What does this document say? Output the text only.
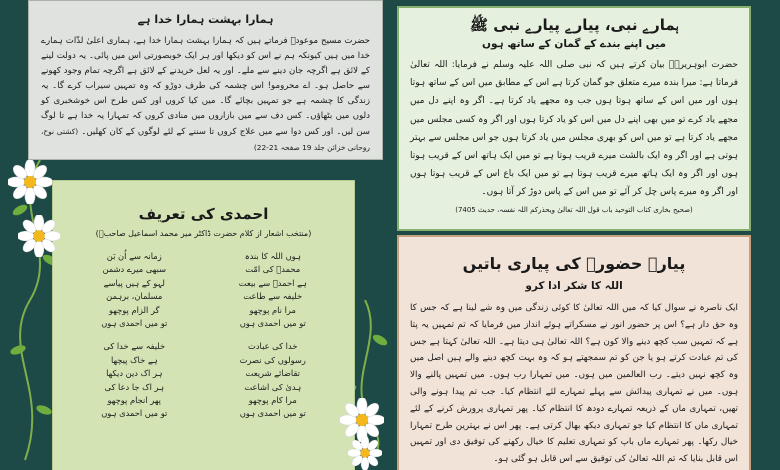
ہمارا بہشت ہمارا خدا ہے

حضرت مسیح موعودؑ فرماتے ہیں کہ ہمارا بہشت ہمارا خدا ہے، ہماری اعلیٰ لذّات ہمارے خدا میں ہیں کیونکہ ہم نے اس کو دیکھا اور ہر ایک خوبصورتی اس میں پائی۔ یہ دولت لینے کے لائق ہے اگرچہ جان دینے سے ملے۔ اور یہ لعل خریدنے کے لائق ہے اگرچہ تمام وجود کھونے سے حاصل ہو۔ اے محرومو! اس چشمہ کی طرف دوڑو کہ وہ تمہیں سیراب کرے گا۔ یہ زندگی کا چشمہ ہے جو تمہیں بچائے گا۔ میں کیا کروں اور کس طرح اس خوشخبری کو دلوں میں بٹھاؤں۔ کس دف سے میں بازاروں میں منادی کروں کہ تمہارا یہ خدا ہے تا لوگ سن لیں۔ اور کس دوا سے میں علاج کروں تا سننے کے لئے لوگوں کے کان کھلیں۔ (کشتی نوح، روحانی خزائن جلد 19 صفحہ 21-22)

ہمارے نبی، پیارے پیارے نبی ﷺ
میں اپنے بندے کے گمان کے ساتھ ہوں

حضرت ابوہریرہؓ بیان کرتے ہیں کہ نبی صلی اللہ علیہ وسلم نے فرمایا: اللہ تعالیٰ فرماتا ہے: میرا بندہ میرے متعلق جو گمان کرتا ہے اس کے مطابق میں اس کے ساتھ ہوتا ہوں اور میں اس کے ساتھ ہوتا ہوں جب وہ مجھے یاد کرتا ہے۔ اگر وہ اپنے دل میں مجھے یاد کرے تو میں بھی اپنے دل میں اس کو یاد کرتا ہوں اور اگر وہ کسی مجلس میں مجھے یاد کرتا ہے تو میں اس کو بھری مجلس میں یاد کرتا ہوں جو اس مجلس سے بہتر ہوتی ہے اور اگر وہ ایک بالشت میرے قریب ہوتا ہے تو میں ایک ہاتھ اس کے قریب ہوتا ہوں اور اگر وہ ایک ہاتھ میرے قریب ہوتا ہے تو میں ایک باع اس کے قریب ہوتا ہوں اور اگر وہ میرے پاس چل کر آئے تو میں اس کے پاس دوڑ کر آتا ہوں۔

(صحیح بخاری کتاب التوحید باب قول اللہ تعالیٰ ویحذرکم اللہ نفسہ، حدیث 7405)
پیارے حضورؒ کی پیاری باتیں
اللہ کا شکر ادا کرو

ایک ناصرہ نے سوال کیا کہ میں اللہ تعالیٰ کا کوئی زندگی میں وہ شے لینا ہے کہ جس کا وہ حق دار ہے؟ اس پر حضور انور نے مسکراتے ہوئے انداز میں فرمایا کہ تم تمہیں یہ پتا ہے کہ تمہیں سب کچھ دینے والا کون ہے؟ اللہ تعالیٰ ہی دیتا ہے۔ اللہ تعالیٰ کہتا ہے جس کی تم عبادت کرتے ہو یا جن کو تم سمجھتے ہو کہ وہ بہت کچھ دینے والے ہیں اصل میں وہ کچھ نہیں دیتے۔ رب العالمین میں ہوں۔ میں تمہارا رب ہوں۔ میں تمہیں پالنے والا ہوں۔ میں نے تمہاری پیدائش سے پہلے تمہارے لئے انتظام کیا۔ جب تم پیدا ہونے والی تھیں، تمہاری ماں کے ذریعہ تمہارے دودھ کا انتظام کیا۔ پھر تمہاری پرورش کرنے کے لئے تمہاری ماں کا انتظام کیا جو تمہاری دیکھ بھال کرتی ہے۔ پھر اس نے بہترین طرح تمہارا خیال رکھا۔ پھر تمہارے ماں باپ کو تمہاری تعلیم کا خیال رکھنے کی توفیق دی اور تمہیں اس قابل بنایا کہ تم اللہ تعالیٰ کی توفیق سے اس قابل ہو گئی ہو۔

احمدی کی تعریف
(منتخب اشعار از کلام حضرت ڈاکٹر میر محمد اسماعیل صاحبؓ)
ہوں اللہ کا بندہ
محمدؐ کی امّت
ہے احمدؑ سے بیعت
خلیفہ سے طاعت
مرا نام پوچھو
تو میں احمدی ہوں
خدا کی عبادت
رسولوں کی نصرت
تقاضائے شریعت
ہدیٰ کی اشاعت
مرا کام پوچھو
تو میں احمدی ہوں
زمانہ سے اُن بَن
سبھی میرے دشمن
لہو کے ہیں پیاسے
مسلمان، برہمن
گر الزام پوچھو
تو میں احمدی ہوں
خلیفہ سے خدا کی
ہے خاک پیچھا
ہر اک دین دیکھا
ہر اک جا دعا کی
پھر انجام پوچھو
تو میں احمدی ہوں
